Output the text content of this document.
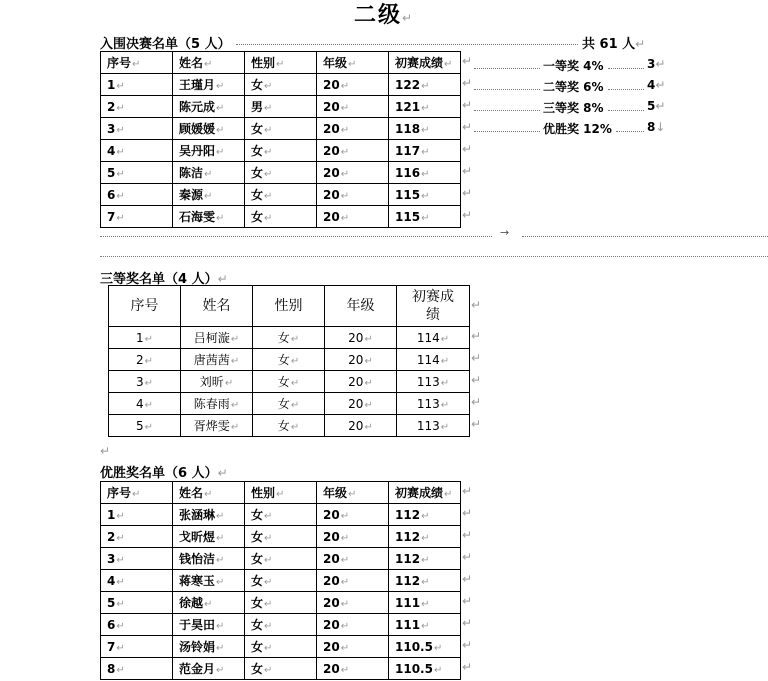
二级↵
入围决赛名单（5 人）	共 61 人↵
序号↵	姓名↵	性别↵	年级↵	初赛成绩↵
1↵	王瑾月↵	女↵	20↵	122↵
2↵	陈元成↵	男↵	20↵	121↵
3↵	顾媛媛↵	女↵	20↵	118↵
4↵	吴丹阳↵	女↵	20↵	117↵
5↵	陈洁↵	女↵	20↵	116↵
6↵	秦源↵	女↵	20↵	115↵
7↵	石海雯↵	女↵	20↵	115↵
一等奖 4%	3↵
二等奖 6%	4↵
三等奖 8%	5↵
优胜奖 12%	8↓
→
三等奖名单（4 人）↵
序号	姓名	性别	年级	初赛成
绩
1↵	吕柯漩↵	女↵	20↵	114↵
2↵	唐茜茜↵	女↵	20↵	114↵
3↵	刘昕↵	女↵	20↵	113↵
4↵	陈春雨↵	女↵	20↵	113↵
5↵	胥烨雯↵	女↵	20↵	113↵
↵
优胜奖名单（6 人）↵
序号↵	姓名↵	性别↵	年级↵	初赛成绩↵
1↵	张涵琳↵	女↵	20↵	112↵
2↵	戈昕煜↵	女↵	20↵	112↵
3↵	钱怡洁↵	女↵	20↵	112↵
4↵	蒋寒玉↵	女↵	20↵	112↵
5↵	徐越↵	女↵	20↵	111↵
6↵	于昊田↵	女↵	20↵	111↵
7↵	汤铃娟↵	女↵	20↵	110.5↵
8↵	范金月↵	女↵	20↵	110.5↵
↵
↵
↵
↵
↵
↵
↵
↵
↵
↵
↵
↵
↵
↵
↵
↵
↵
↵
↵
↵
↵
↵
↵
